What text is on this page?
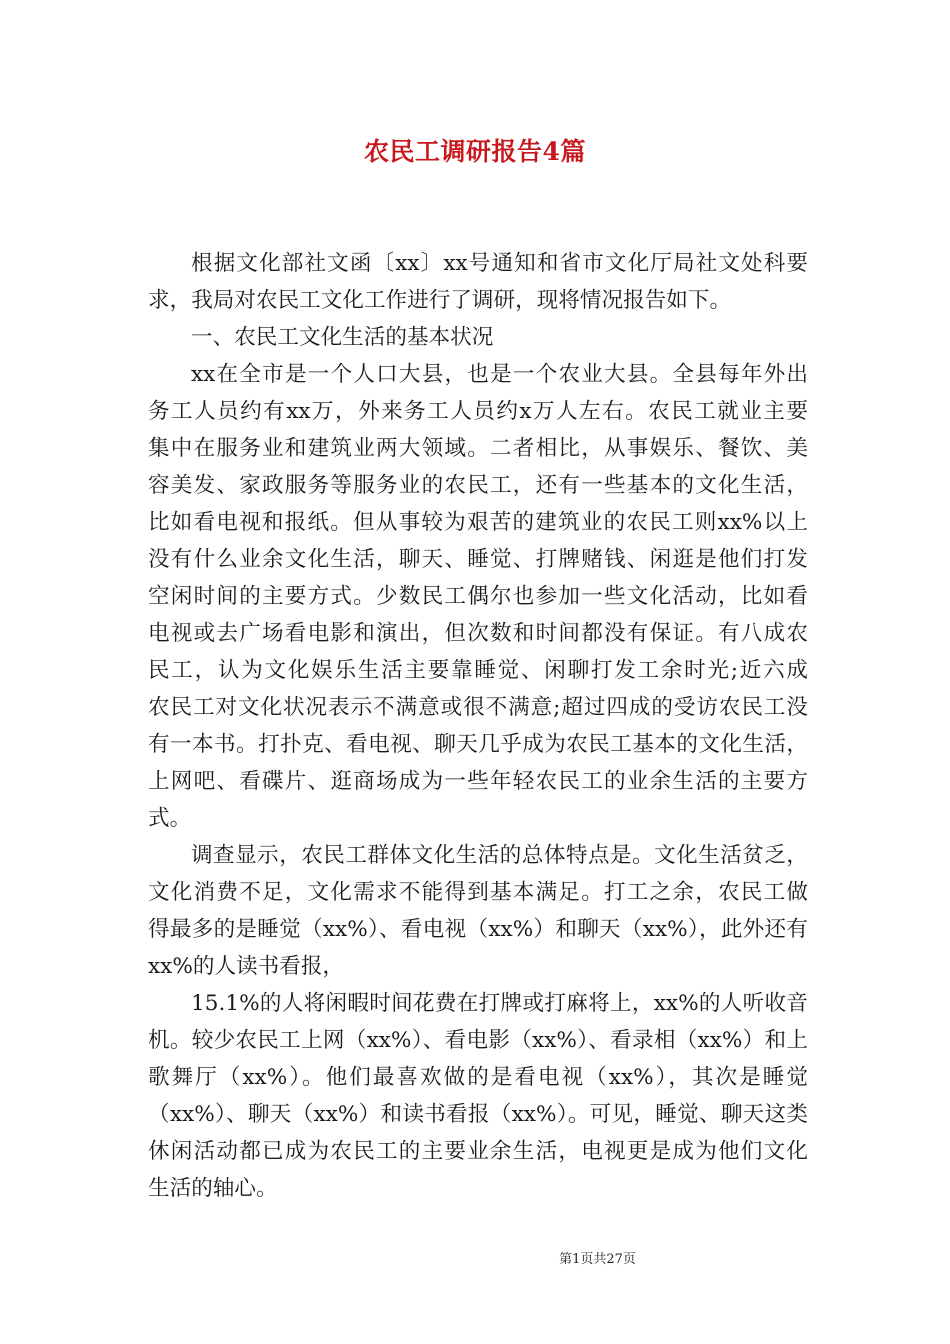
农民工调研报告4篇
根据文化部社文函〔xx〕xx号通知和省市文化厅局社文处科要
求，我局对农民工文化工作进行了调研，现将情况报告如下。
一、农民工文化生活的基本状况
xx在全市是一个人口大县，也是一个农业大县。全县每年外出
务工人员约有xx万，外来务工人员约x万人左右。农民工就业主要
集中在服务业和建筑业两大领域。二者相比，从事娱乐、餐饮、美
容美发、家政服务等服务业的农民工，还有一些基本的文化生活，
比如看电视和报纸。但从事较为艰苦的建筑业的农民工则xx%以上
没有什么业余文化生活，聊天、睡觉、打牌赌钱、闲逛是他们打发
空闲时间的主要方式。少数民工偶尔也参加一些文化活动，比如看
电视或去广场看电影和演出，但次数和时间都没有保证。有八成农
民工，认为文化娱乐生活主要靠睡觉、闲聊打发工余时光;近六成
农民工对文化状况表示不满意或很不满意;超过四成的受访农民工没
有一本书。打扑克、看电视、聊天几乎成为农民工基本的文化生活，
上网吧、看碟片、逛商场成为一些年轻农民工的业余生活的主要方
式。
调查显示，农民工群体文化生活的总体特点是。文化生活贫乏，
文化消费不足，文化需求不能得到基本满足。打工之余，农民工做
得最多的是睡觉（xx%）、看电视（xx%）和聊天（xx%），此外还有
xx%的人读书看报，
15.1%的人将闲暇时间花费在打牌或打麻将上，xx%的人听收音
机。较少农民工上网（xx%）、看电影（xx%）、看录相（xx%）和上
歌舞厅（xx%）。他们最喜欢做的是看电视（xx%），其次是睡觉
（xx%）、聊天（xx%）和读书看报（xx%）。可见，睡觉、聊天这类
休闲活动都已成为农民工的主要业余生活，电视更是成为他们文化
生活的轴心。
第1页共27页
